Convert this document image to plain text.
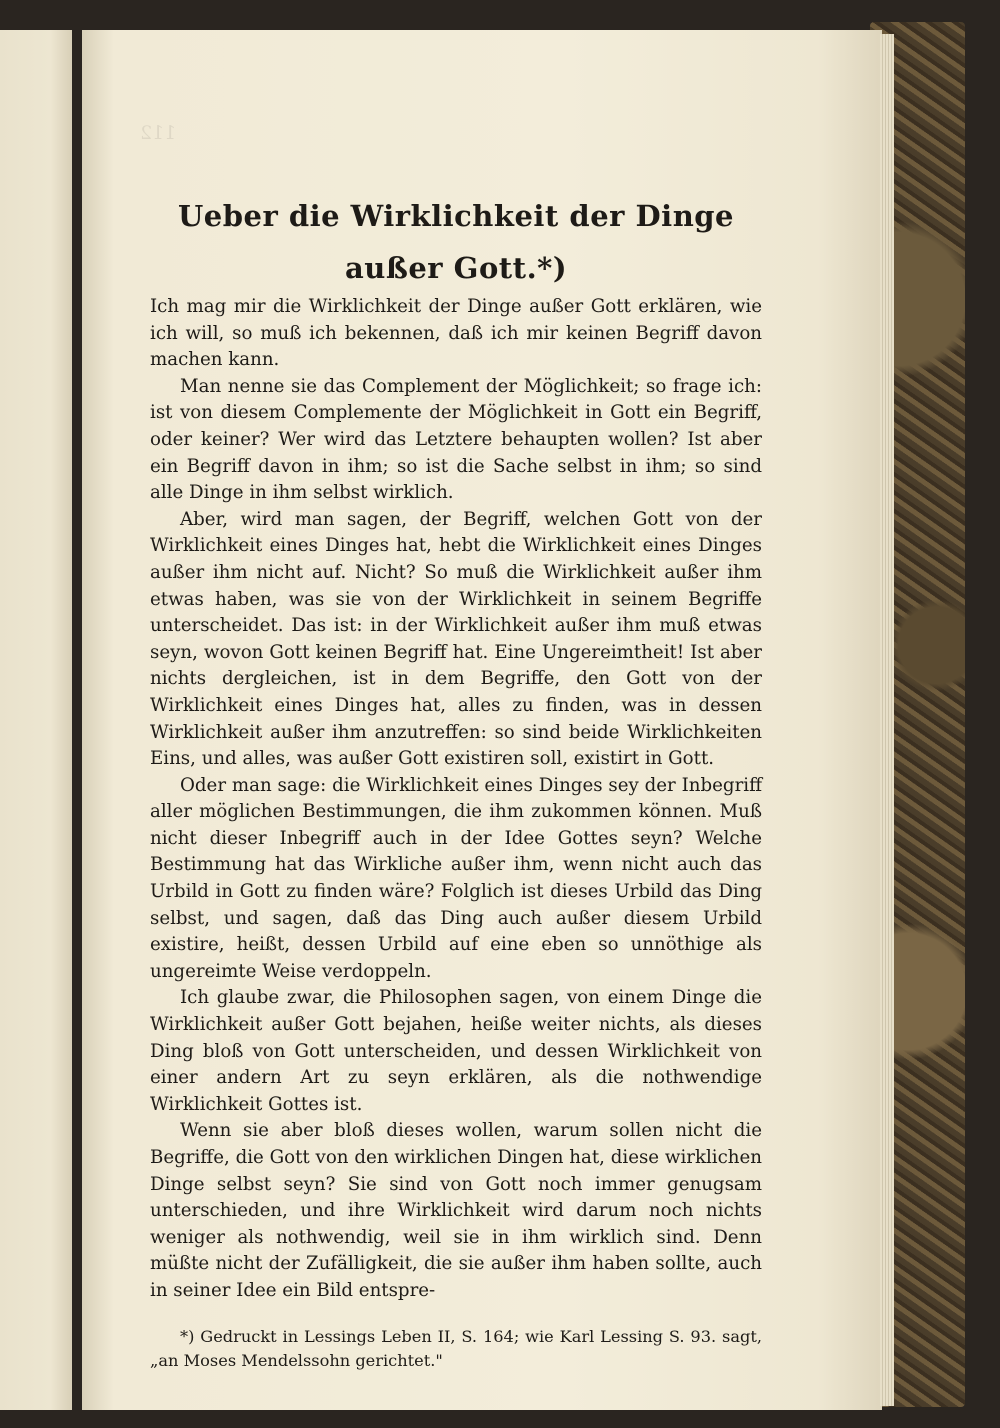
112
Ueber die Wirklichkeit der Dinge außer Gott.*)

Ich mag mir die Wirklichkeit der Dinge außer Gott erklären, wie ich will, so muß ich bekennen, daß ich mir keinen Begriff davon machen kann.

Man nenne sie das Complement der Möglichkeit; so frage ich: ist von diesem Complemente der Möglichkeit in Gott ein Begriff, oder keiner? Wer wird das Letztere behaupten wollen? Ist aber ein Begriff davon in ihm; so ist die Sache selbst in ihm; so sind alle Dinge in ihm selbst wirklich.

Aber, wird man sagen, der Begriff, welchen Gott von der Wirklichkeit eines Dinges hat, hebt die Wirklichkeit eines Dinges außer ihm nicht auf. Nicht? So muß die Wirklichkeit außer ihm etwas haben, was sie von der Wirklichkeit in seinem Begriffe unterscheidet. Das ist: in der Wirklichkeit außer ihm muß etwas seyn, wovon Gott keinen Begriff hat. Eine Ungereimtheit! Ist aber nichts dergleichen, ist in dem Begriffe, den Gott von der Wirklichkeit eines Dinges hat, alles zu finden, was in dessen Wirklichkeit außer ihm anzutreffen: so sind beide Wirklichkeiten Eins, und alles, was außer Gott existiren soll, existirt in Gott.

Oder man sage: die Wirklichkeit eines Dinges sey der Inbegriff aller möglichen Bestimmungen, die ihm zukommen können. Muß nicht dieser Inbegriff auch in der Idee Gottes seyn? Welche Bestimmung hat das Wirkliche außer ihm, wenn nicht auch das Urbild in Gott zu finden wäre? Folglich ist dieses Urbild das Ding selbst, und sagen, daß das Ding auch außer diesem Urbild existire, heißt, dessen Urbild auf eine eben so unnöthige als ungereimte Weise verdoppeln.

Ich glaube zwar, die Philosophen sagen, von einem Dinge die Wirklichkeit außer Gott bejahen, heiße weiter nichts, als dieses Ding bloß von Gott unterscheiden, und dessen Wirklichkeit von einer andern Art zu seyn erklären, als die nothwendige Wirklichkeit Gottes ist.

Wenn sie aber bloß dieses wollen, warum sollen nicht die Begriffe, die Gott von den wirklichen Dingen hat, diese wirklichen Dinge selbst seyn? Sie sind von Gott noch immer genugsam unterschieden, und ihre Wirklichkeit wird darum noch nichts weniger als nothwendig, weil sie in ihm wirklich sind. Denn müßte nicht der Zufälligkeit, die sie außer ihm haben sollte, auch in seiner Idee ein Bild entspre-

*) Gedruckt in Lessings Leben II, S. 164; wie Karl Lessing S. 93. sagt, „an Moses Mendelssohn gerichtet."
